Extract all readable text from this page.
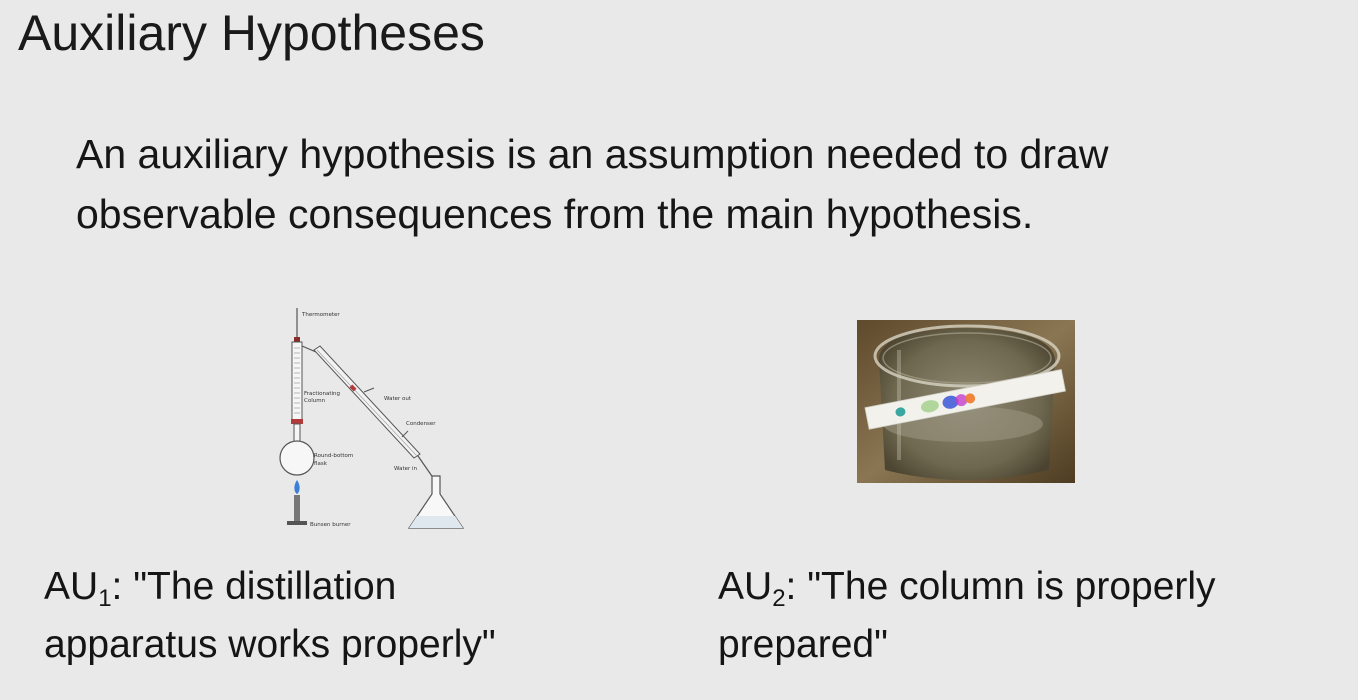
Auxiliary Hypotheses
An auxiliary hypothesis is an assumption needed to draw
observable consequences from the main hypothesis.
Thermometer
Fractionating
Column	Water out
Condenser
Round-bottom
flask
Water in
Bunsen burner
$AU_1$: "The distillation
apparatus works properly"
$AU_2$: "The column is properly
prepared"
